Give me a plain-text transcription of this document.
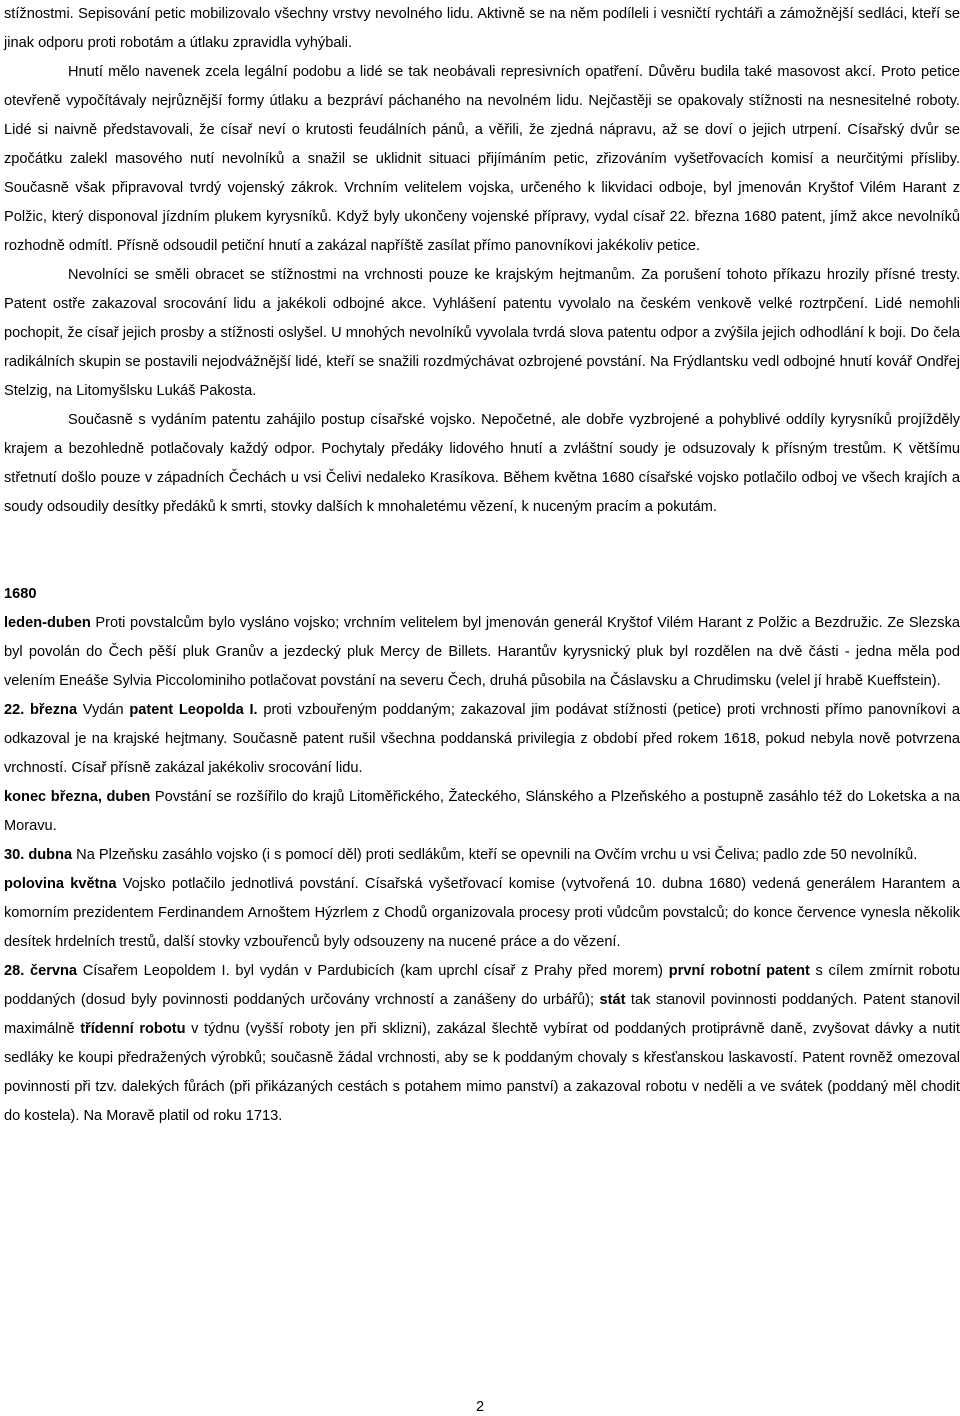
stížnostmi. Sepisování petic mobilizovalo všechny vrstvy nevolného lidu. Aktivně se na něm podíleli i vesničtí rychtáři a zámožnější sedláci, kteří se jinak odporu proti robotám a útlaku zpravidla vyhýbali.

Hnutí mělo navenek zcela legální podobu a lidé se tak neobávali represivních opatření. Důvěru budila také masovost akcí. Proto petice otevřeně vypočítávaly nejrůznější formy útlaku a bezpráví páchaného na nevolném lidu. Nejčastěji se opakovaly stížnosti na nesnesitelné roboty. Lidé si naivně představovali, že císař neví o krutosti feudálních pánů, a věřili, že zjedná nápravu, až se doví o jejich utrpení. Císařský dvůr se zpočátku zalekl masového nutí nevolníků a snažil se uklidnit situaci přijímáním petic, zřizováním vyšetřovacích komisí a neurčitými přísliby. Současně však připravoval tvrdý vojenský zákrok. Vrchním velitelem vojska, určeného k likvidaci odboje, byl jmenován Kryštof Vilém Harant z Polžic, který disponoval jízdním plukem kyrysníků. Když byly ukončeny vojenské přípravy, vydal císař 22. března 1680 patent, jímž akce nevolníků rozhodně odmítl. Přísně odsoudil petiční hnutí a zakázal napříště zasílat přímo panovníkovi jakékoliv petice.

Nevolníci se směli obracet se stížnostmi na vrchnosti pouze ke krajským hejtmanům. Za porušení tohoto příkazu hrozily přísné tresty. Patent ostře zakazoval srocování lidu a jakékoli odbojné akce. Vyhlášení patentu vyvolalo na českém venkově velké roztrpčení. Lidé nemohli pochopit, že císař jejich prosby a stížnosti oslyšel. U mnohých nevolníků vyvolala tvrdá slova patentu odpor a zvýšila jejich odhodlání k boji. Do čela radikálních skupin se postavili nejodvážnější lidé, kteří se snažili rozdmýchávat ozbrojené povstání. Na Frýdlantsku vedl odbojné hnutí kovář Ondřej Stelzig, na Litomyšlsku Lukáš Pakosta.

Současně s vydáním patentu zahájilo postup císařské vojsko. Nepočetné, ale dobře vyzbrojené a pohyblivé oddíly kyrysníků projížděly krajem a bezohledně potlačovaly každý odpor. Pochytaly předáky lidového hnutí a zvláštní soudy je odsuzovaly k přísným trestům. K většímu střetnutí došlo pouze v západních Čechách u vsi Čelivi nedaleko Krasíkova. Během května 1680 císařské vojsko potlačilo odboj ve všech krajích a soudy odsoudily desítky předáků k smrti, stovky dalších k mnohaletému vězení, k nuceným pracím a pokutám.

1680

leden-duben Proti povstalcům bylo vysláno vojsko; vrchním velitelem byl jmenován generál Kryštof Vilém Harant z Polžic a Bezdružic. Ze Slezska byl povolán do Čech pěší pluk Granův a jezdecký pluk Mercy de Billets. Harantův kyrysnický pluk byl rozdělen na dvě části - jedna měla pod velením Eneáše Sylvia Piccolominiho potlačovat povstání na severu Čech, druhá působila na Čáslavsku a Chrudimsku (velel jí hrabě Kueffstein).

22. března Vydán patent Leopolda I. proti vzbouřeným poddaným; zakazoval jim podávat stížnosti (petice) proti vrchnosti přímo panovníkovi a odkazoval je na krajské hejtmany. Současně patent rušil všechna poddanská privilegia z období před rokem 1618, pokud nebyla nově potvrzena vrchností. Císař přísně zakázal jakékoliv srocování lidu.

konec března, duben Povstání se rozšířilo do krajů Litoměřického, Žateckého, Slánského a Plzeňského a postupně zasáhlo též do Loketska a na Moravu.

30. dubna Na Plzeňsku zasáhlo vojsko (i s pomocí děl) proti sedlákům, kteří se opevnili na Ovčím vrchu u vsi Čeliva; padlo zde 50 nevolníků.

polovina května Vojsko potlačilo jednotlivá povstání. Císařská vyšetřovací komise (vytvořená 10. dubna 1680) vedená generálem Harantem a komorním prezidentem Ferdinandem Arnoštem Hýzrlem z Chodů organizovala procesy proti vůdcům povstalců; do konce července vynesla několik desítek hrdelních trestů, další stovky vzbouřenců byly odsouzeny na nucené práce a do vězení.

28. června Císařem Leopoldem I. byl vydán v Pardubicích (kam uprchl císař z Prahy před morem) první robotní patent s cílem zmírnit robotu poddaných (dosud byly povinnosti poddaných určovány vrchností a zanášeny do urbářů); stát tak stanovil povinnosti poddaných. Patent stanovil maximálně třídenní robotu v týdnu (vyšší roboty jen při sklizni), zakázal šlechtě vybírat od poddaných protiprávně daně, zvyšovat dávky a nutit sedláky ke koupi předražených výrobků; současně žádal vrchnosti, aby se k poddaným chovaly s křesťanskou laskavostí. Patent rovněž omezoval povinnosti při tzv. dalekých fůrách (při přikázaných cestách s potahem mimo panství) a zakazoval robotu v neděli a ve svátek (poddaný měl chodit do kostela). Na Moravě platil od roku 1713.

2
